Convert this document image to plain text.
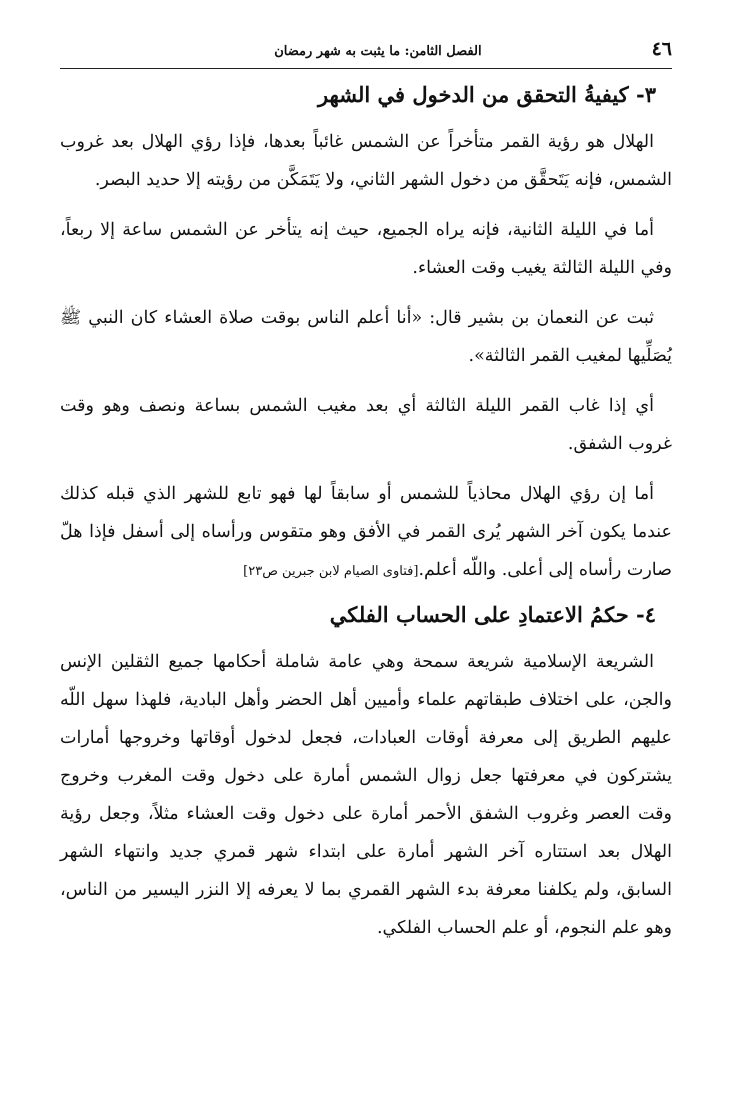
٤٦
الفصل الثامن: ما يثبت به شهر رمضان
٣- كيفيةُ التحقق من الدخول في الشهر

الهلال هو رؤية القمر متأخراً عن الشمس غائباً بعدها، فإذا رؤي الهلال بعد غروب الشمس، فإنه يَتَحقَّق من دخول الشهر الثاني، ولا يَتَمَكَّن من رؤيته إلا حديد البصر.

أما في الليلة الثانية، فإنه يراه الجميع، حيث إنه يتأخر عن الشمس ساعة إلا ربعاً، وفي الليلة الثالثة يغيب وقت العشاء.

ثبت عن النعمان بن بشير قال: «أنا أعلم الناس بوقت صلاة العشاء كان النبي ﷺ يُصَلِّيها لمغيب القمر الثالثة».

أي إذا غاب القمر الليلة الثالثة أي بعد مغيب الشمس بساعة ونصف وهو وقت غروب الشفق.

أما إن رؤي الهلال محاذياً للشمس أو سابقاً لها فهو تابع للشهر الذي قبله كذلك عندما يكون آخر الشهر يُرى القمر في الأفق وهو متقوس ورأساه إلى أسفل فإذا هلّ صارت رأساه إلى أعلى. واللّه أعلم.[فتاوى الصيام لابن جبرين ص٢٣]

٤- حكمُ الاعتمادِ على الحساب الفلكي

الشريعة الإسلامية شريعة سمحة وهي عامة شاملة أحكامها جميع الثقلين الإنس والجن، على اختلاف طبقاتهم علماء وأميين أهل الحضر وأهل البادية، فلهذا سهل اللّه عليهم الطريق إلى معرفة أوقات العبادات، فجعل لدخول أوقاتها وخروجها أمارات يشتركون في معرفتها جعل زوال الشمس أمارة على دخول وقت المغرب وخروج وقت العصر وغروب الشفق الأحمر أمارة على دخول وقت العشاء مثلاً، وجعل رؤية الهلال بعد استتاره آخر الشهر أمارة على ابتداء شهر قمري جديد وانتهاء الشهر السابق، ولم يكلفنا معرفة بدء الشهر القمري بما لا يعرفه إلا النزر اليسير من الناس، وهو علم النجوم، أو علم الحساب الفلكي.
